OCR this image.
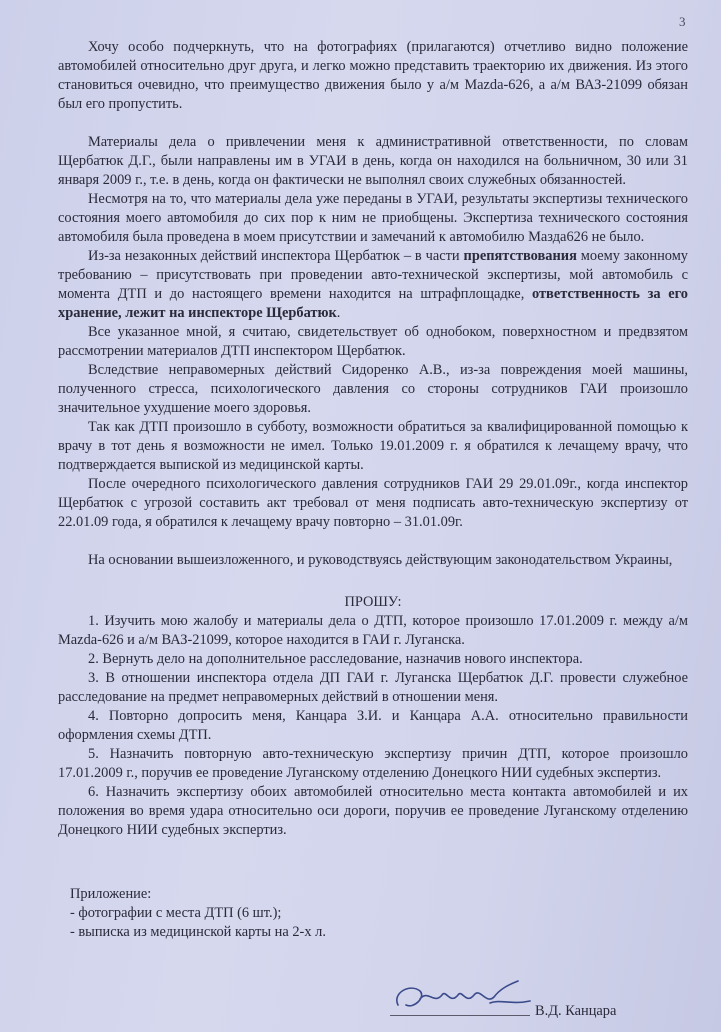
3

Хочу особо подчеркнуть, что на фотографиях (прилагаются) отчетливо видно положение автомобилей относительно друг друга, и легко можно представить траекторию их движения. Из этого становиться очевидно, что преимущество движения было у а/м Mazda-626, а а/м ВАЗ-21099 обязан был его пропустить.

Материалы дела о привлечении меня к административной ответственности, по словам Щербатюк Д.Г., были направлены им в УГАИ в день, когда он находился на больничном, 30 или 31 января 2009 г., т.е. в день, когда он фактически не выполнял своих служебных обязанностей.

Несмотря на то, что материалы дела уже переданы в УГАИ, результаты экспертизы технического состояния моего автомобиля до сих пор к ним не приобщены. Экспертиза технического состояния автомобиля была проведена в моем присутствии и замечаний к автомобилю Мазда626 не было.

Из-за незаконных действий инспектора Щербатюк – в части препятствования моему законному требованию – присутствовать при проведении авто-технической экспертизы, мой автомобиль с момента ДТП и до настоящего времени находится на штрафплощадке, ответственность за его хранение, лежит на инспекторе Щербатюк.

Все указанное мной, я считаю, свидетельствует об однобоком, поверхностном и предвзятом рассмотрении материалов ДТП инспектором Щербатюк.

Вследствие неправомерных действий Сидоренко А.В., из-за повреждения моей машины, полученного стресса, психологического давления со стороны сотрудников ГАИ произошло значительное ухудшение моего здоровья.

Так как ДТП произошло в субботу, возможности обратиться за квалифицированной помощью к врачу в тот день я возможности не имел. Только 19.01.2009 г. я обратился к лечащему врачу, что подтверждается выпиской из медицинской карты.

После очередного психологического давления сотрудников ГАИ 29 29.01.09г., когда инспектор Щербатюк с угрозой составить акт требовал от меня подписать авто-техническую экспертизу от 22.01.09 года, я обратился к лечащему врачу повторно – 31.01.09г.

На основании вышеизложенного, и руководствуясь действующим законодательством Украины,

ПРОШУ:

1. Изучить мою жалобу и материалы дела о ДТП, которое произошло 17.01.2009 г. между а/м Mazda-626 и а/м ВАЗ-21099, которое находится в ГАИ г. Луганска.

2. Вернуть дело на дополнительное расследование, назначив нового инспектора.

3. В отношении инспектора отдела ДП ГАИ г. Луганска Щербатюк Д.Г. провести служебное расследование на предмет неправомерных действий в отношении меня.

4. Повторно допросить меня, Канцара З.И. и Канцара А.А. относительно правильности оформления схемы ДТП.

5. Назначить повторную авто-техническую экспертизу причин ДТП, которое произошло 17.01.2009 г., поручив ее проведение Луганскому отделению Донецкого НИИ судебных экспертиз.

6. Назначить экспертизу обоих автомобилей относительно места контакта автомобилей и их положения во время удара относительно оси дороги, поручив ее проведение Луганскому отделению Донецкого НИИ судебных экспертиз.

Приложение:

- фотографии с места ДТП (6 шт.);

- выписка из медицинской карты на 2-х л.

В.Д. Канцара
